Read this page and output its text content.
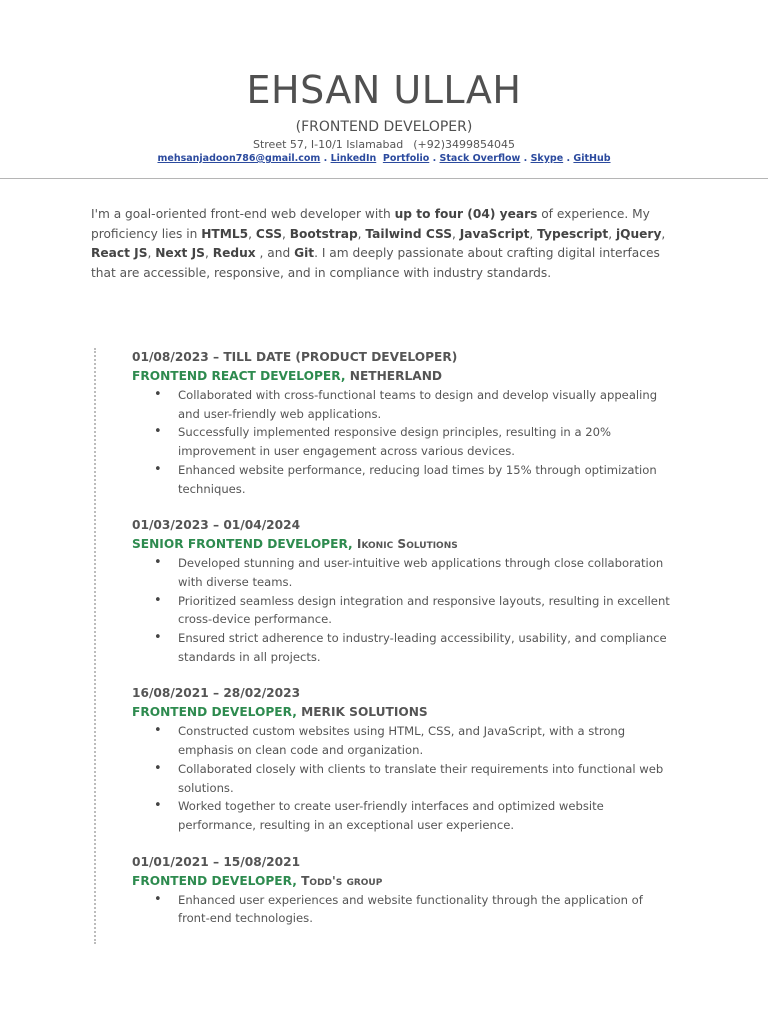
EHSAN ULLAH
(FRONTEND DEVELOPER)
Street 57, I-10/1 Islamabad (+92)3499854045
mehsanjadoon786@gmail.com . LinkedIn Portfolio . Stack Overflow . Skype . GitHub
I'm a goal-oriented front-end web developer with up to four (04) years of experience. My proficiency lies in HTML5, CSS, Bootstrap, Tailwind CSS, JavaScript, Typescript, jQuery, React JS, Next JS, Redux , and Git. I am deeply passionate about crafting digital interfaces that are accessible, responsive, and in compliance with industry standards.
01/08/2023 – TILL DATE (PRODUCT DEVELOPER)
FRONTEND REACT DEVELOPER, NETHERLAND
• Collaborated with cross-functional teams to design and develop visually appealing and user-friendly web applications.
• Successfully implemented responsive design principles, resulting in a 20% improvement in user engagement across various devices.
• Enhanced website performance, reducing load times by 15% through optimization techniques.
01/03/2023 – 01/04/2024
SENIOR FRONTEND DEVELOPER, Ikonic Solutions
• Developed stunning and user-intuitive web applications through close collaboration with diverse teams.
• Prioritized seamless design integration and responsive layouts, resulting in excellent cross-device performance.
• Ensured strict adherence to industry-leading accessibility, usability, and compliance standards in all projects.
16/08/2021 – 28/02/2023
FRONTEND DEVELOPER, MERIK SOLUTIONS
• Constructed custom websites using HTML, CSS, and JavaScript, with a strong emphasis on clean code and organization.
• Collaborated closely with clients to translate their requirements into functional web solutions.
• Worked together to create user-friendly interfaces and optimized website performance, resulting in an exceptional user experience.
01/01/2021 – 15/08/2021
FRONTEND DEVELOPER, Todd's group
• Enhanced user experiences and website functionality through the application of front-end technologies.
